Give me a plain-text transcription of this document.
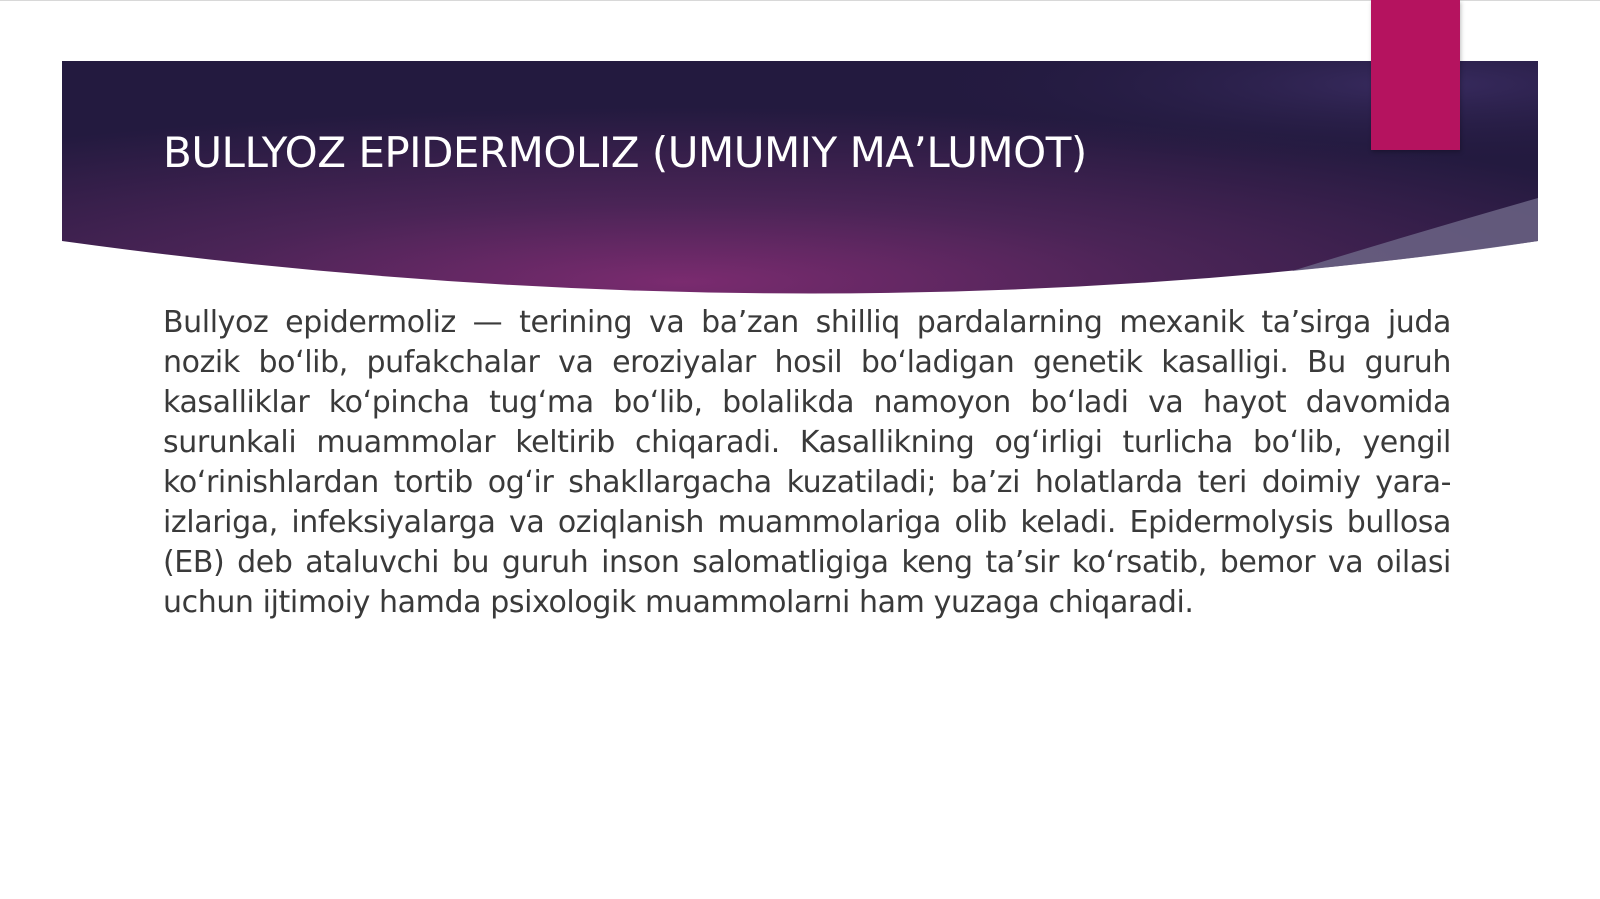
BULLYOZ EPIDERMOLIZ (UMUMIY MA’LUMOT)

Bullyoz epidermoliz — terining va ba’zan shilliq pardalarning mexanik ta’sirga juda nozik bo‘lib, pufakchalar va eroziyalar hosil bo‘ladigan genetik kasalligi. Bu guruh kasalliklar ko‘pincha tug‘ma bo‘lib, bolalikda namoyon bo‘ladi va hayot davomida surunkali muammolar keltirib chiqaradi. Kasallikning og‘irligi turlicha bo‘lib, yengil ko‘rinishlardan tortib og‘ir shakllargacha kuzatiladi; ba’zi holatlarda teri doimiy yara-izlariga, infeksiyalarga va oziqlanish muammolariga olib keladi. Epidermolysis bullosa (EB) deb ataluvchi bu guruh inson salomatligiga keng ta’sir ko‘rsatib, bemor va oilasi uchun ijtimoiy hamda psixologik muammolarni ham yuzaga chiqaradi.
